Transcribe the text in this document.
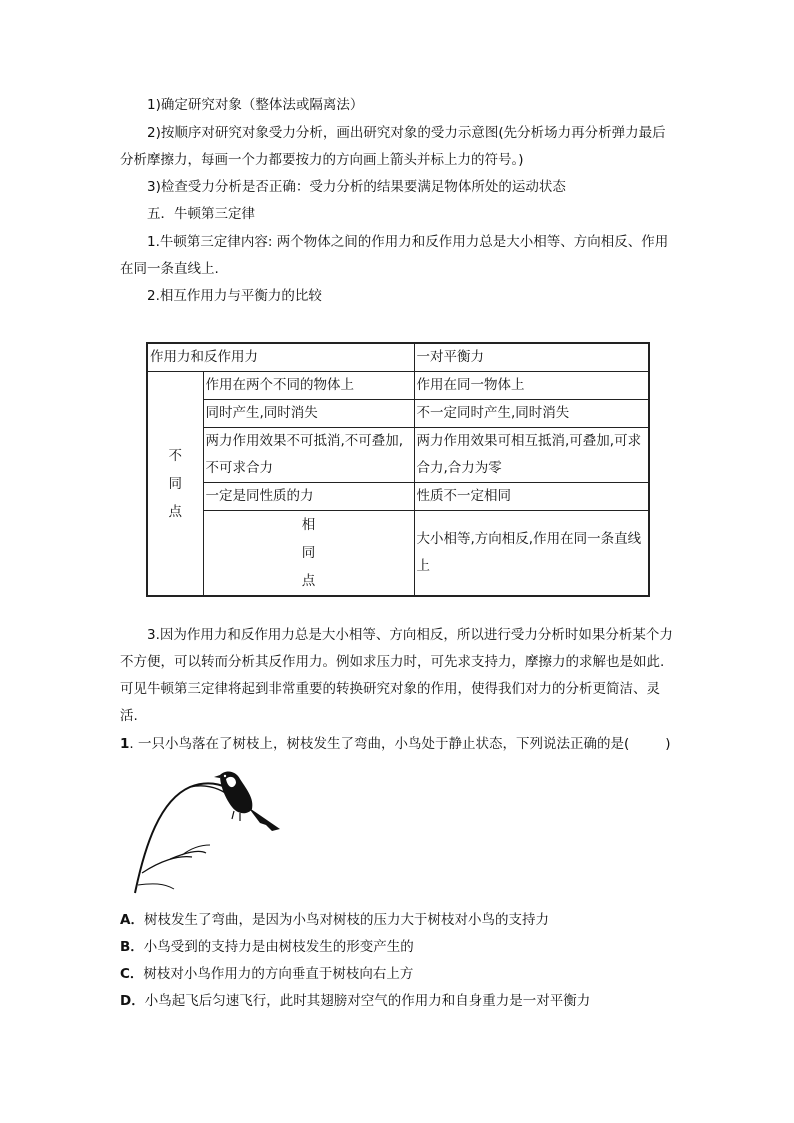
1)确定研究对象（整体法或隔离法）

2)按顺序对研究对象受力分析，画出研究对象的受力示意图(先分析场力再分析弹力最后分析摩擦力，每画一个力都要按力的方向画上箭头并标上力的符号。)

3)检查受力分析是否正确：受力分析的结果要满足物体所处的运动状态

五．牛顿第三定律

1.牛顿第三定律内容: 两个物体之间的作用力和反作用力总是大小相等、方向相反、作用在同一条直线上.

2.相互作用力与平衡力的比较

作用力和反作用力		一对平衡力

不
同
点	作用在两个不同的物体上	作用在同一物体上
	同时产生,同时消失	不一定同时产生,同时消失
	两力作用效果不可抵消,不可叠加,不可求合力	两力作用效果可相互抵消,可叠加,可求合力,合力为零
	一定是同性质的力	性质不一定相同

	相
同
点	大小相等,方向相反,作用在同一条直线上

3.因为作用力和反作用力总是大小相等、方向相反，所以进行受力分析时如果分析某个力不方便，可以转而分析其反作用力。例如求压力时，可先求支持力，摩擦力的求解也是如此.可见牛顿第三定律将起到非常重要的转换研究对象的作用，使得我们对力的分析更简洁、灵活.

1. 一只小鸟落在了树枝上，树枝发生了弯曲，小鸟处于静止状态，下列说法正确的是(	)

A．树枝发生了弯曲，是因为小鸟对树枝的压力大于树枝对小鸟的支持力

B．小鸟受到的支持力是由树枝发生的形变产生的

C．树枝对小鸟作用力的方向垂直于树枝向右上方

D．小鸟起飞后匀速飞行，此时其翅膀对空气的作用力和自身重力是一对平衡力
